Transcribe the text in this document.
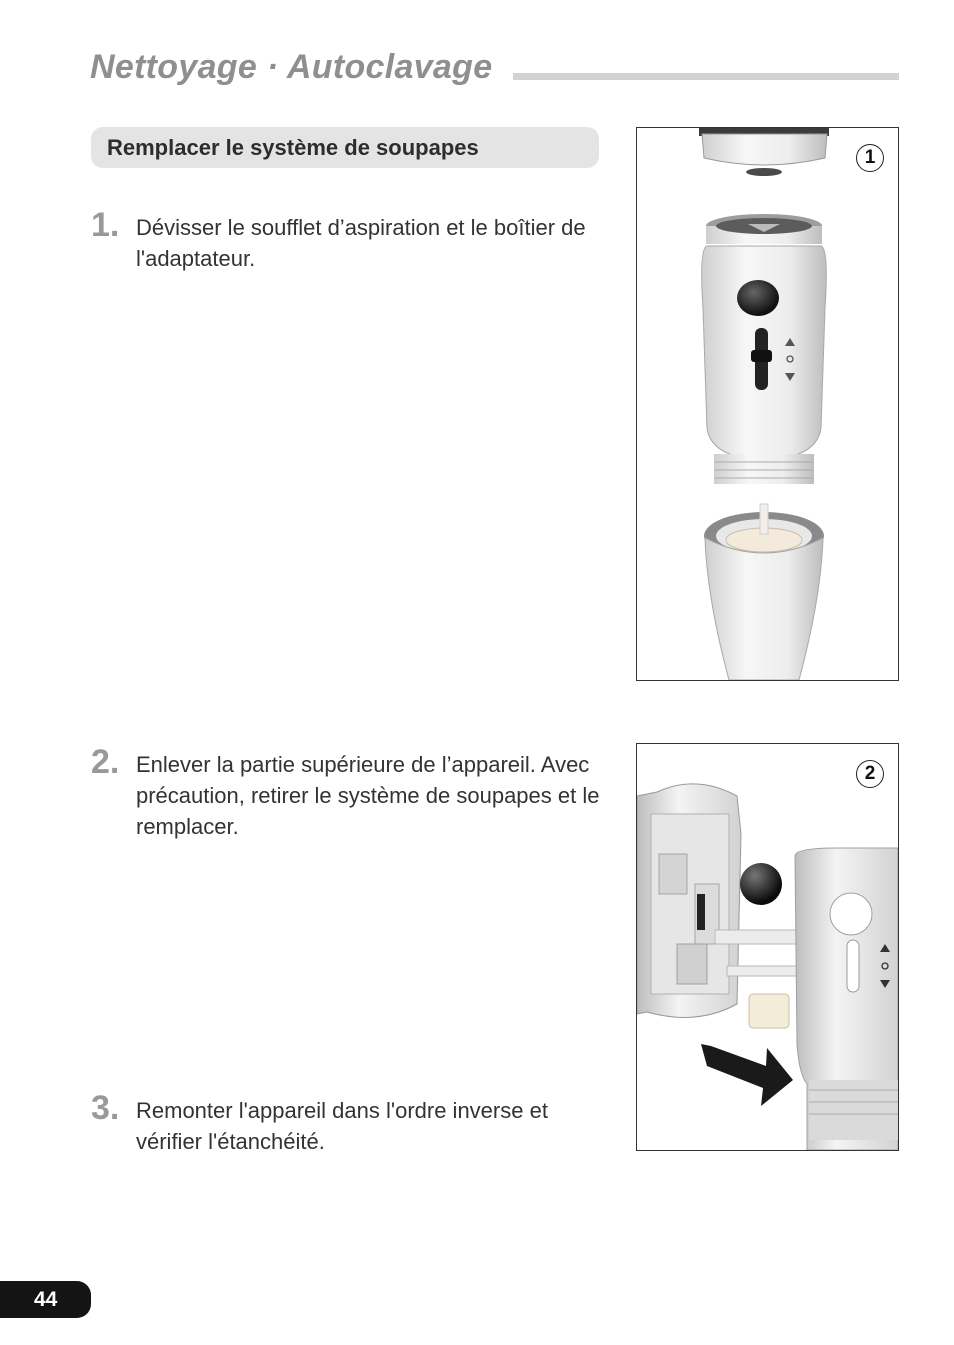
Nettoyage · Autoclavage
Remplacer le système de soupapes
1. Dévisser le soufflet d’aspiration et le boîtier de l'adaptateur.
2. Enlever la partie supérieure de l’appareil. Avec précaution, retirer le système de soupapes et le remplacer.
3. Remonter l'appareil dans l'ordre inverse et vérifier l'étanchéité.
1
2
44
